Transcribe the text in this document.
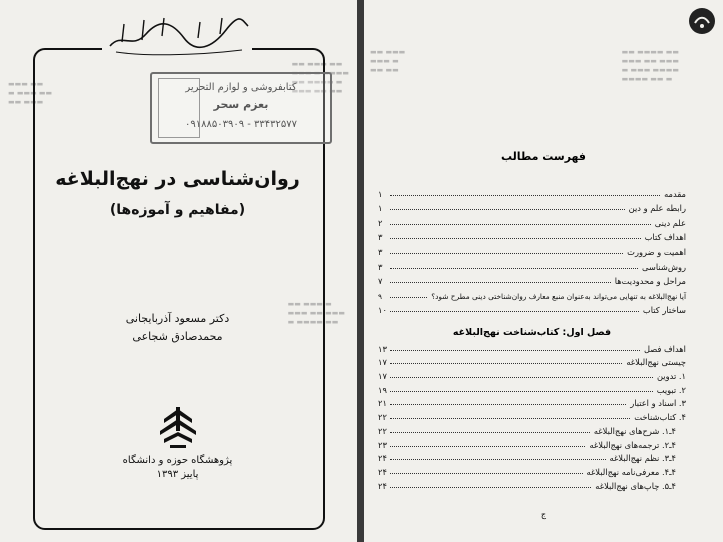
▬▬ ▬▬▬ ▬▬
▬▬▬ ▬ ▬▬▬▬
▬▬ ▬▬▬▬ ▬
▬▬▬ ▬▬ ▬▬
▬▬▬ ▬▬
▬ ▬▬▬ ▬▬
▬▬ ▬▬▬
▬▬ ▬▬▬ ▬
▬▬▬ ▬▬ ▬▬▬
▬ ▬▬▬▬ ▬▬
کتابفروشی و لوازم التحریر
بعزم سحر
۰۹۱۸۸۵۰۳۹۰۹ - ۳۳۴۳۲۵۷۷
روان‌شناسی در نهج‌البلاغه
(مفاهیم و آموزه‌ها)
دکتر مسعود آذربایجانی
محمدصادق شجاعی
پژوهشگاه حوزه و دانشگاه
پاییز ۱۳۹۳
▬▬ ▬▬▬▬ ▬▬
▬▬▬ ▬▬ ▬▬▬
▬ ▬▬▬ ▬▬▬▬
▬▬▬▬ ▬▬ ▬
▬▬ ▬▬▬
▬▬▬ ▬
▬▬ ▬▬
فهرست مطالب
مقدمه
۱
رابطه علم و دین
۱
علم دینی
۲
اهداف کتاب
۳
اهمیت و ضرورت
۳
روش‌شناسی
۳
مراحل و محدودیت‌ها
۷
آیا نهج‌البلاغه به تنهایی می‌تواند به‌عنوان منبع معارف روان‌شناختی دینی مطرح شود؟
۹
ساختار کتاب
۱۰
فصل اول: کتاب‌شناخت نهج‌البلاغه
اهداف فصل
۱۳
چیستی نهج‌البلاغه
۱۷
۱. تدوین
۱۷
۲. تبویب
۱۹
۳. اسناد و اعتبار
۲۱
۴. کتاب‌شناخت
۲۲
۴ـ۱. شرح‌های نهج‌البلاغه
۲۲
۴ـ۲. ترجمه‌های نهج‌البلاغه
۲۳
۴ـ۳. نظم نهج‌البلاغه
۲۴
۴ـ۴. معرفی‌نامه نهج‌البلاغه
۲۴
۴ـ۵. چاپ‌های نهج‌البلاغه
۲۴
ج
